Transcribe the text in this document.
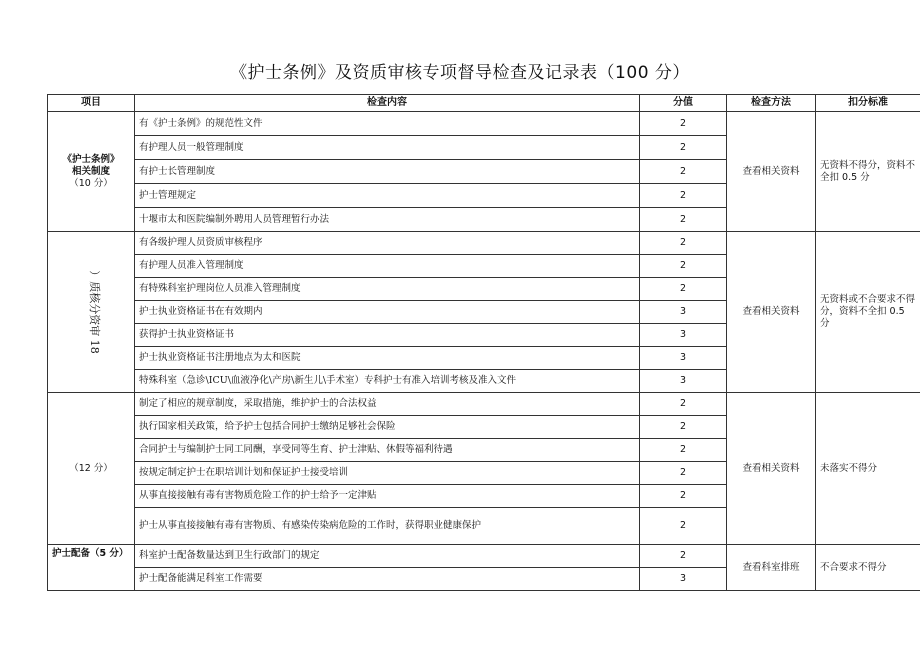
《护士条例》及资质审核专项督导检查及记录表（100 分）
项目	检查内容	分值	检查方法	扣分标准

《护士条例》
相关制度
（10 分）	有《护士条例》的规范性文件	2	查看相关资料	无资料不得分，资料不全扣 0.5 分
	有护理人员一般管理制度	2		
	有护士长管理制度	2		
	护士管理规定	2		
	十堰市太和医院编制外聘用人员管理暂行办法	2		
）质核分资审 18	有各级护理人员资质审核程序	2	查看相关资料	无资料或不合要求不得分，资料不全扣 0.5 分
	有护理人员准入管理制度	2		
	有特殊科室护理岗位人员准入管理制度	2		
	护士执业资格证书在有效期内	3		
	获得护士执业资格证书	3		
	护士执业资格证书注册地点为太和医院	3		
	特殊科室（急诊\ICU\血液净化\产房\新生儿\手术室）专科护士有准入培训考核及准入文件	3		

（12 分）	制定了相应的规章制度，采取措施，维护护士的合法权益	2	查看相关资料	未落实不得分
	执行国家相关政策，给予护士包括合同护士缴纳足够社会保险	2		
	合同护士与编制护士同工同酬，享受同等生育、护士津贴、休假等福利待遇	2		
	按规定制定护士在职培训计划和保证护士接受培训	2		
	从事直接接触有毒有害物质危险工作的护士给予一定津贴	2		
	护士从事直接接触有毒有害物质、有感染传染病危险的工作时，获得职业健康保护	2		

护士配备（5 分）	科室护士配备数量达到卫生行政部门的规定	2	查看科室排班	不合要求不得分
	护士配备能满足科室工作需要	3		
